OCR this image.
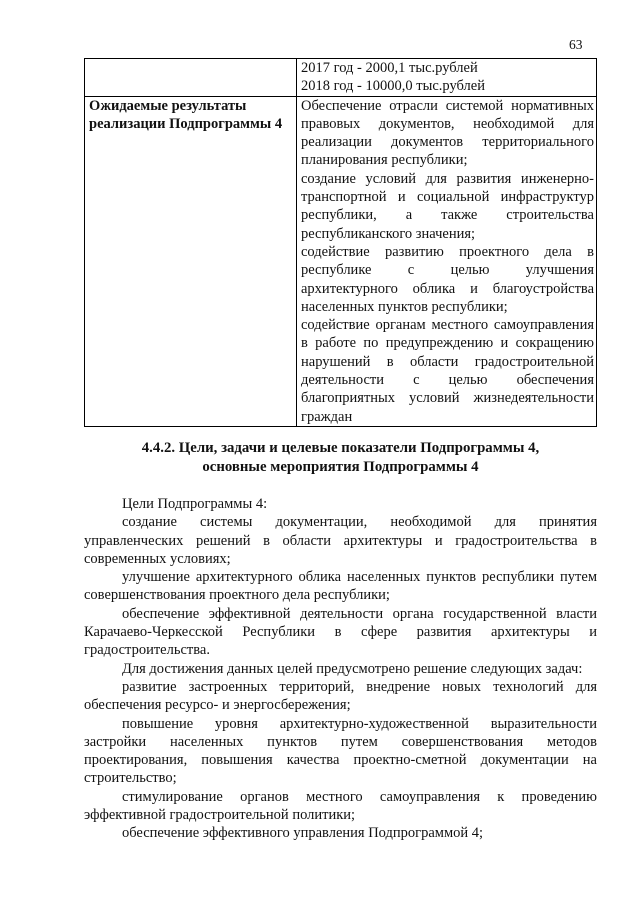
63

	2017 год - 2000,1 тыс.рублей
2018 год - 10000,0 тыс.рублей

Ожидаемые результаты реализации Подпрограммы 4	Обеспечение отрасли системой нормативных правовых документов, необходимой для реализации документов территориального планирования республики;
создание условий для развития инженерно-транспортной и социальной инфраструктур республики, а также строительства республиканского значения;
содействие развитию проектного дела в республике с целью улучшения архитектурного облика и благоустройства населенных пунктов республики;
содействие органам местного самоуправления в работе по предупреждению и сокращению нарушений в области градостроительной деятельности с целью обеспечения благоприятных условий жизнедеятельности граждан
4.4.2. Цели, задачи и целевые показатели Подпрограммы 4,
основные мероприятия Подпрограммы 4

Цели Подпрограммы 4:

создание системы документации, необходимой для принятия управленческих решений в области архитектуры и градостроительства в современных условиях;

улучшение архитектурного облика населенных пунктов республики путем совершенствования проектного дела республики;

обеспечение эффективной деятельности органа государственной власти Карачаево-Черкесской Республики в сфере развития архитектуры и градостроительства.

Для достижения данных целей предусмотрено решение следующих задач:

развитие застроенных территорий, внедрение новых технологий для обеспечения ресурсо- и энергосбережения;

повышение уровня архитектурно-художественной выразительности застройки населенных пунктов путем совершенствования методов проектирования, повышения качества проектно-сметной документации на строительство;

стимулирование органов местного самоуправления к проведению эффективной градостроительной политики;

обеспечение эффективного управления Подпрограммой 4;
